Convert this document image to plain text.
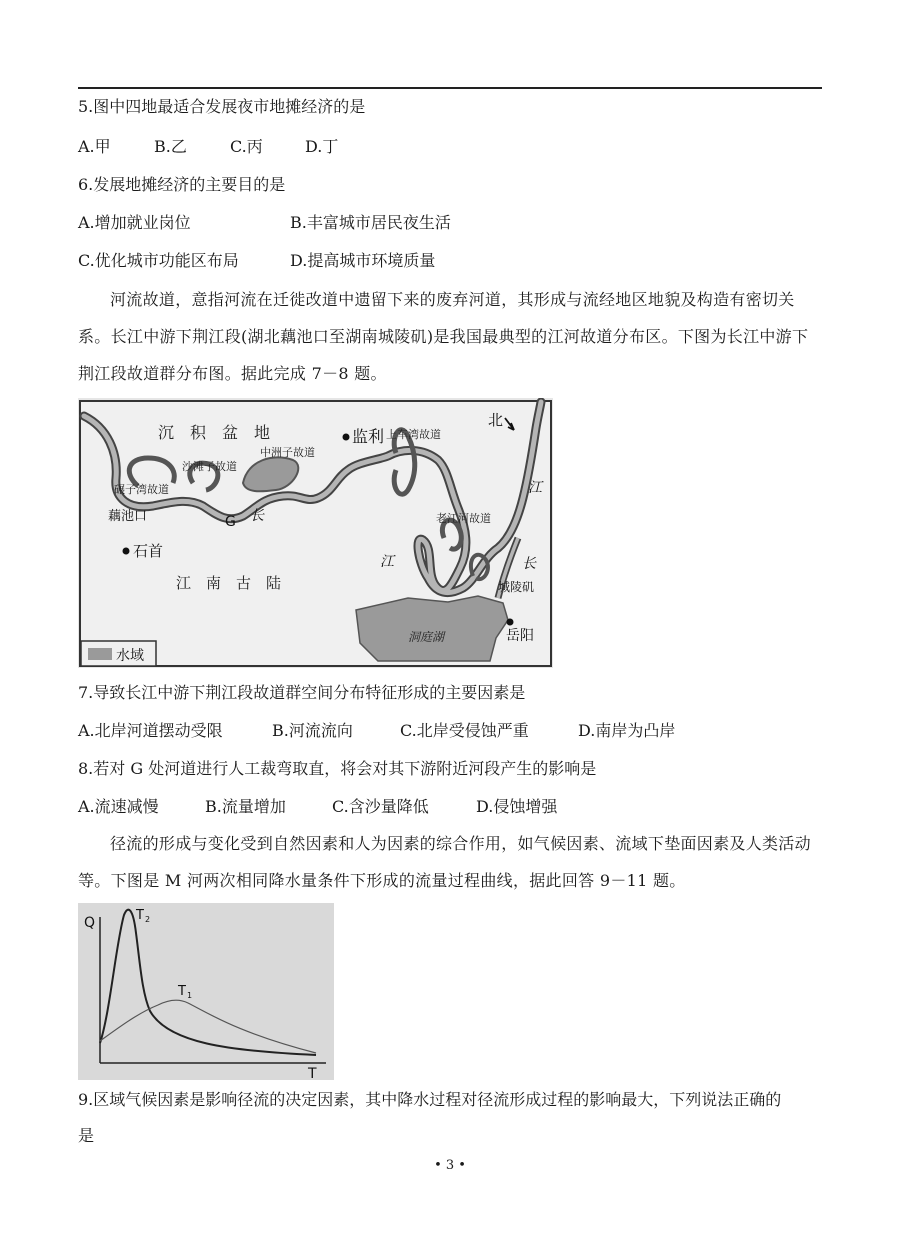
5.图中四地最适合发展夜市地摊经济的是
A.甲	B.乙	C.丙	D.丁
6.发展地摊经济的主要目的是
A.增加就业岗位	B.丰富城市居民夜生活
C.优化城市功能区布局	D.提高城市环境质量
河流故道，意指河流在迁徙改道中遗留下来的废弃河道，其形成与流经地区地貌及构造有密切关系。长江中游下荆江段(湖北藕池口至湖南城陵矶)是我国最典型的江河故道分布区。下图为长江中游下荆江段故道群分布图。据此完成 7－8 题。
沉　积　盆　地	监利 上车湾故道
中洲子故道
沙滩子故道
碾子湾故道
藕池口	G 长
石首
江　南　古　陆
江
老江河故道
江
长
城陵矶
洞庭湖	岳阳
北
水域
7.导致长江中游下荆江段故道群空间分布特征形成的主要因素是
A.北岸河道摆动受限	B.河流流向	C.北岸受侵蚀严重	D.南岸为凸岸
8.若对 G 处河道进行人工裁弯取直，将会对其下游附近河段产生的影响是
A.流速减慢	B.流量增加	C.含沙量降低	D.侵蚀增强
径流的形成与变化受到自然因素和人为因素的综合作用，如气候因素、流域下垫面因素及人类活动等。下图是 M 河两次相同降水量条件下形成的流量过程曲线，据此回答 9－11 题。
Q
T
T 2
T 1
9.区域气候因素是影响径流的决定因素，其中降水过程对径流形成过程的影响最大，下列说法正确的
是
• 3 •
